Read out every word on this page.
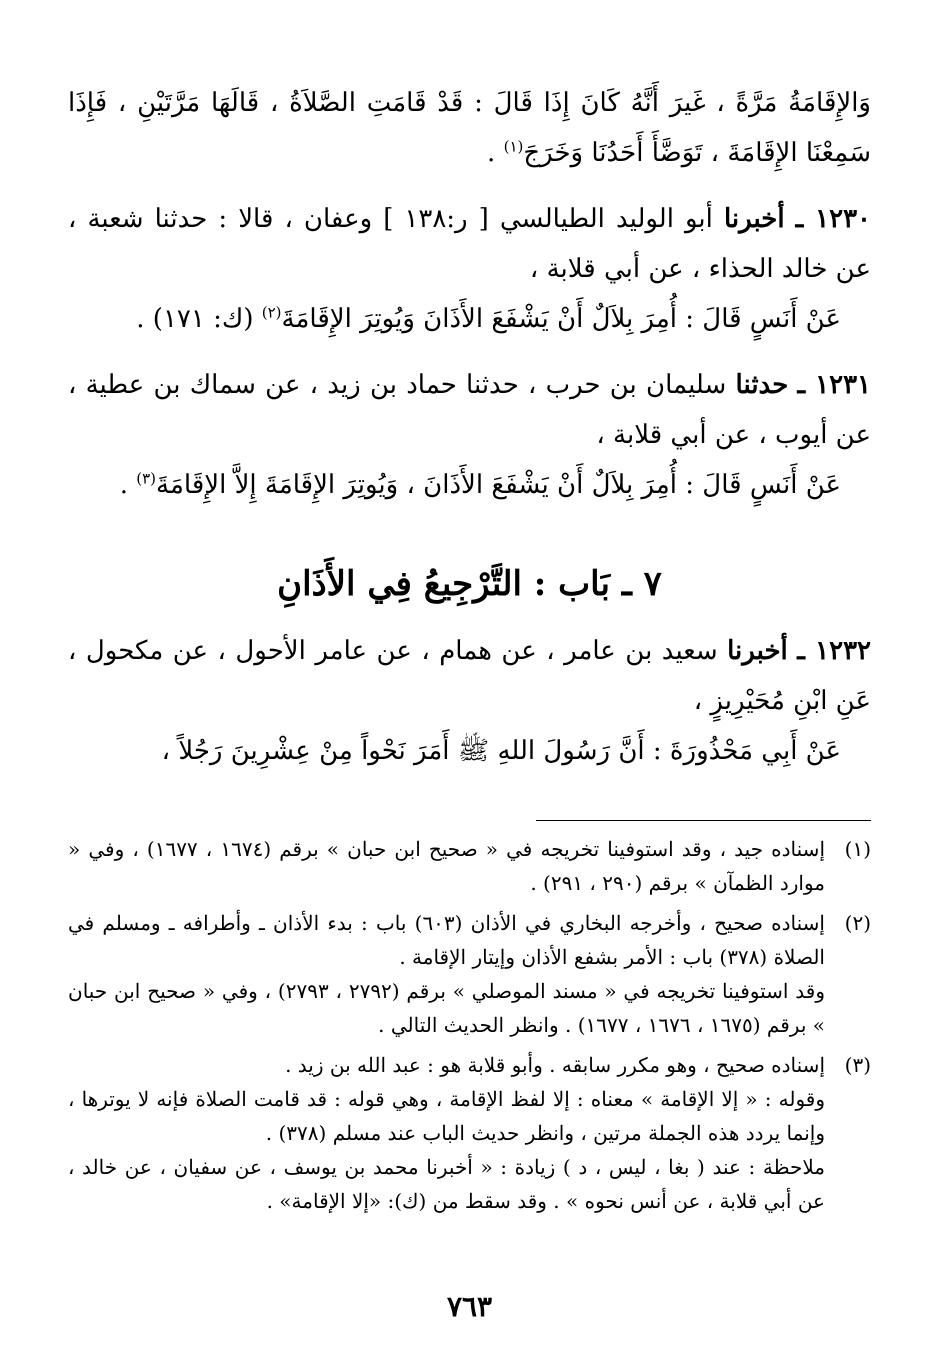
وَالإِقَامَةُ مَرَّةً ، غَيرَ أَنَّهُ كَانَ إِذَا قَالَ : قَدْ قَامَتِ الصَّلاَةُ ، قَالَهَا مَرَّتَيْنِ ، فَإِذَا سَمِعْنَا الإِقَامَةَ ، تَوَضَّأَ أَحَدُنَا وَخَرَجَ$^{(١)}$ .

١٢٣٠ ـ أخبرنا أبو الوليد الطيالسي [ ر:١٣٨ ] وعفان ، قالا : حدثنا شعبة ، عن خالد الحذاء ، عن أبي قلابة ،

عَنْ أَنَسٍ قَالَ : أُمِرَ بِلاَلٌ أَنْ يَشْفَعَ الأَذَانَ وَيُوتِرَ الإِقَامَةَ$^{(٢)}$ (ك: ١٧١) .

١٢٣١ ـ حدثنا سليمان بن حرب ، حدثنا حماد بن زيد ، عن سماك بن عطية ، عن أيوب ، عن أبي قلابة ،

عَنْ أَنَسٍ قَالَ : أُمِرَ بِلاَلٌ أَنْ يَشْفَعَ الأَذَانَ ، وَيُوتِرَ الإِقَامَةَ إِلاَّ الإِقَامَةَ$^{(٣)}$ .

٧ ـ بَاب : التَّرْجِيعُ فِي الأَذَانِ

١٢٣٢ ـ أخبرنا سعيد بن عامر ، عن همام ، عن عامر الأحول ، عن مكحول ، عَنِ ابْنِ مُحَيْرِيزٍ ،

عَنْ أَبِي مَحْذُورَةَ : أَنَّ رَسُولَ اللهِ ﷺ أَمَرَ نَحْواً مِنْ عِشْرِينَ رَجُلاً ،

(١)

إسناده جيد ، وقد استوفينا تخريجه في « صحيح ابن حبان » برقم (١٦٧٤ ، ١٦٧٧) ، وفي « موارد الظمآن » برقم (٢٩٠ ، ٢٩١) .

(٢)

إسناده صحيح ، وأخرجه البخاري في الأذان (٦٠٣) باب : بدء الأذان ـ وأطرافه ـ ومسلم في الصلاة (٣٧٨) باب : الأمر بشفع الأذان وإيتار الإقامة .

وقد استوفينا تخريجه في « مسند الموصلي » برقم (٢٧٩٢ ، ٢٧٩٣) ، وفي « صحيح ابن حبان » برقم (١٦٧٥ ، ١٦٧٦ ، ١٦٧٧) . وانظر الحديث التالي .

(٣)

إسناده صحيح ، وهو مكرر سابقه . وأبو قلابة هو : عبد الله بن زيد .

وقوله : « إلا الإقامة » معناه : إلا لفظ الإقامة ، وهي قوله : قد قامت الصلاة فإنه لا يوترها ، وإنما يردد هذه الجملة مرتين ، وانظر حديث الباب عند مسلم (٣٧٨) .

ملاحظة : عند ( بغا ، ليس ، د ) زيادة : « أخبرنا محمد بن يوسف ، عن سفيان ، عن خالد ، عن أبي قلابة ، عن أنس نحوه » . وقد سقط من (ك): «إلا الإقامة» .

٧٦٣
